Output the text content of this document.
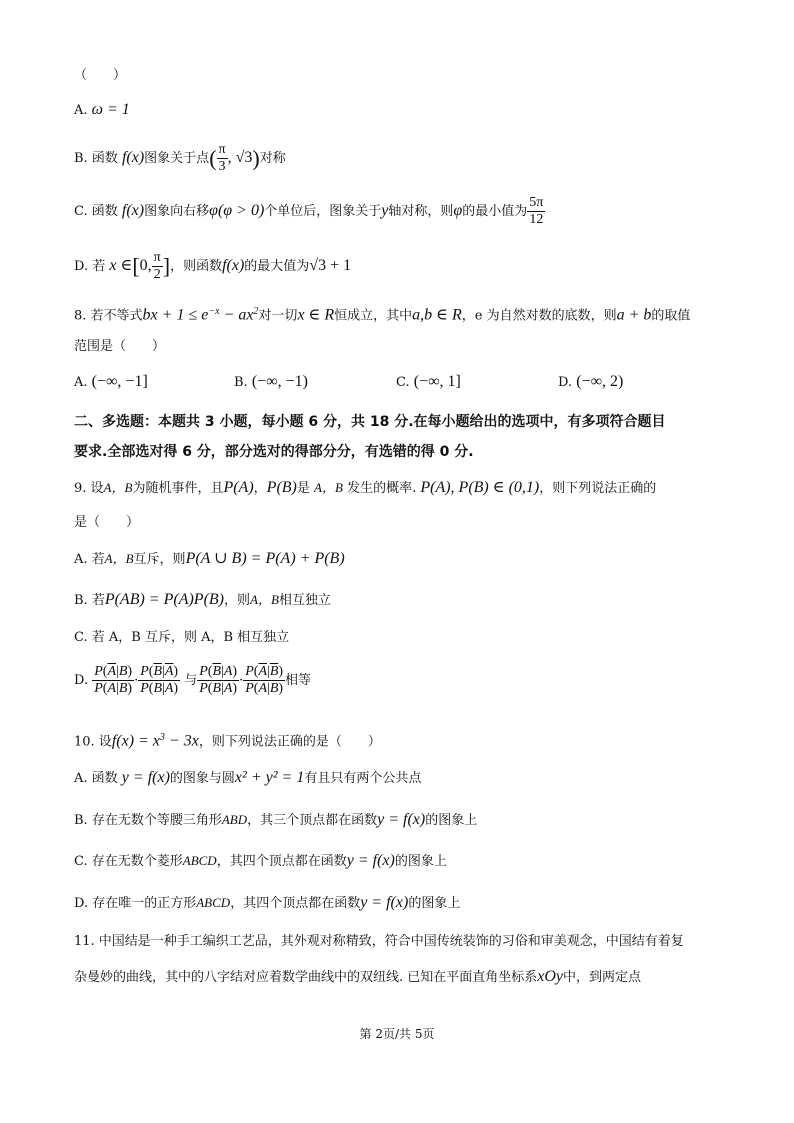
（　　）
A. ω = 1
B. 函数 f(x)图象关于点( $\frac{\pi}{3}$ , √3)对称
C. 函数 f(x)图象向右移φ(φ > 0)个单位后，图象关于y轴对称，则φ的最小值为 $\frac{5\pi}{12}$
D. 若 x ∈[0, $\frac{\pi}{2}$ ]，则函数f(x)的最大值为√3 + 1
8. 若不等式bx + $1 \le e^{-x} - ax^2$对一切x ∈ R恒成立，其中a,b ∈ R，e 为自然对数的底数，则a + b的取值
范围是（　　）
A. (−∞, −1]	B. (−∞, −1)	C. (−∞, 1]	D. (−∞, 2)
二、多选题：本题共 3 小题，每小题 6 分，共 18 分.在每小题给出的选项中，有多项符合题目
要求.全部选对得 6 分，部分选对的得部分分，有选错的得 0 分.
9. 设A，B为随机事件，且P(A)，P(B)是 A，B 发生的概率. P(A), P(B) ∈ (0,1)，则下列说法正确的
是（　　）
A. 若A，B互斥，则P(A ∪ B) = P(A) + P(B)
B. 若P(AB) = P(A)P(B)，则A，B相互独立
C. 若 A，B 互斥，则 A，B 相互独立
D. $\frac{P(\overline{A}|B)}{P(A|B)} \cdot \frac{P(\overline{B}|\overline{A})}{P(B|\overline{A})}$ 与 $\frac{P(\overline{B}|A)}{P(B|A)} \cdot \frac{P(\overline{A}|\overline{B})}{P(A|\overline{B})}$ 相等
10. 设$f(x) = x^3 - 3x$，则下列说法正确的是（　　）
A. 函数 y = f(x)的图象与圆x² + y² = 1有且只有两个公共点
B. 存在无数个等腰三角形ABD，其三个顶点都在函数y = f(x)的图象上
C. 存在无数个菱形ABCD，其四个顶点都在函数y = f(x)的图象上
D. 存在唯一的正方形ABCD，其四个顶点都在函数y = f(x)的图象上
11. 中国结是一种手工编织工艺品，其外观对称精致，符合中国传统装饰的习俗和审美观念，中国结有着复
杂曼妙的曲线，其中的八字结对应着数学曲线中的双纽线. 已知在平面直角坐标系xOy中，到两定点
第 2页/共 5页
